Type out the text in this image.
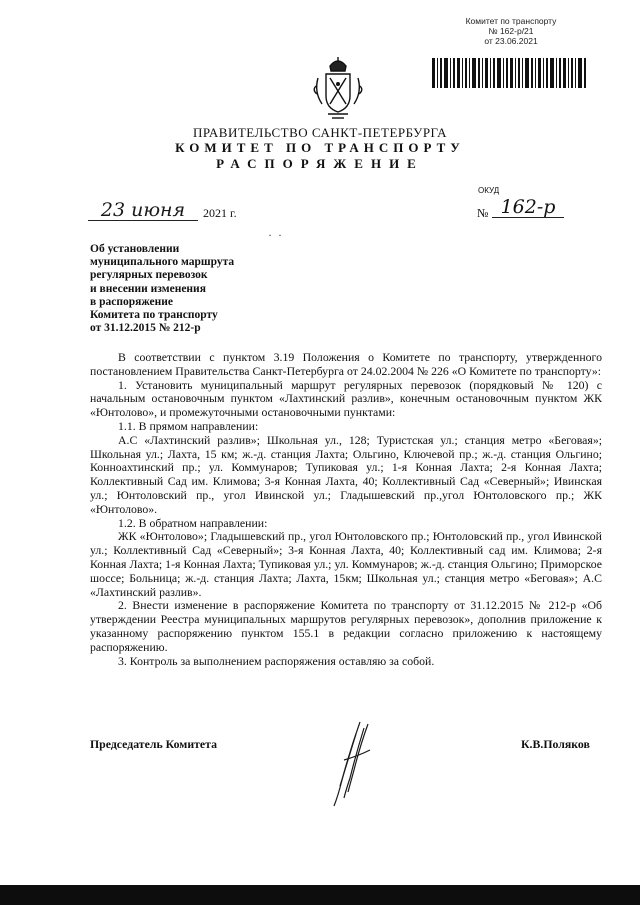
Комитет по транспорту
№ 162-р/21
от 23.06.2021
ПРАВИТЕЛЬСТВО САНКТ-ПЕТЕРБУРГА
КОМИТЕТ ПО ТРАНСПОРТУ
РАСПОРЯЖЕНИЕ
ОКУД
23 июня	2021 г.	№ 162-р
·  ·
Об установлении
муниципального маршрута
регулярных перевозок
и внесении изменения
в распоряжение
Комитета по транспорту
от 31.12.2015 № 212-р

В соответствии с пунктом 3.19 Положения о Комитете по транспорту, утвержденного постановлением Правительства Санкт-Петербурга от 24.02.2004 № 226 «О Комитете по транспорту»:

1. Установить муниципальный маршрут регулярных перевозок (порядковый № 120) с начальным остановочным пунктом «Лахтинский разлив», конечным остановочным пунктом ЖК «Юнтолово», и промежуточными остановочными пунктами:

1.1. В прямом направлении:

А.С «Лахтинский разлив»; Школьная ул., 128; Туристская ул.; станция метро «Беговая»; Школьная ул.; Лахта, 15 км; ж.-д. станция Лахта; Ольгино, Ключевой пр.; ж.-д. станция Ольгино; Конноахтинский пр.; ул. Коммунаров; Тупиковая ул.; 1-я Конная Лахта; 2-я Конная Лахта; Коллективный Сад им. Климова; 3-я Конная Лахта, 40; Коллективный Сад «Северный»; Ивинская ул.; Юнтоловский пр., угол Ивинской ул.; Гладышевский пр.,угол Юнтоловского пр.; ЖК «Юнтолово».

1.2. В обратном направлении:

ЖК «Юнтолово»; Гладышевский пр., угол Юнтоловского пр.; Юнтоловский пр., угол Ивинской ул.; Коллективный Сад «Северный»; 3-я Конная Лахта, 40; Коллективный сад им. Климова; 2-я Конная Лахта; 1-я Конная Лахта; Тупиковая ул.; ул. Коммунаров; ж.-д. станция Ольгино; Приморское шоссе; Больница; ж.-д. станция Лахта; Лахта, 15км; Школьная ул.; станция метро «Беговая»; А.С «Лахтинский разлив».

2. Внести изменение в распоряжение Комитета по транспорту от 31.12.2015 № 212-р «Об утверждении Реестра муниципальных маршрутов регулярных перевозок», дополнив приложение к указанному распоряжению пунктом 155.1 в редакции согласно приложению к настоящему распоряжению.

3. Контроль за выполнением распоряжения оставляю за собой.

Председатель Комитета	К.В.Поляков
